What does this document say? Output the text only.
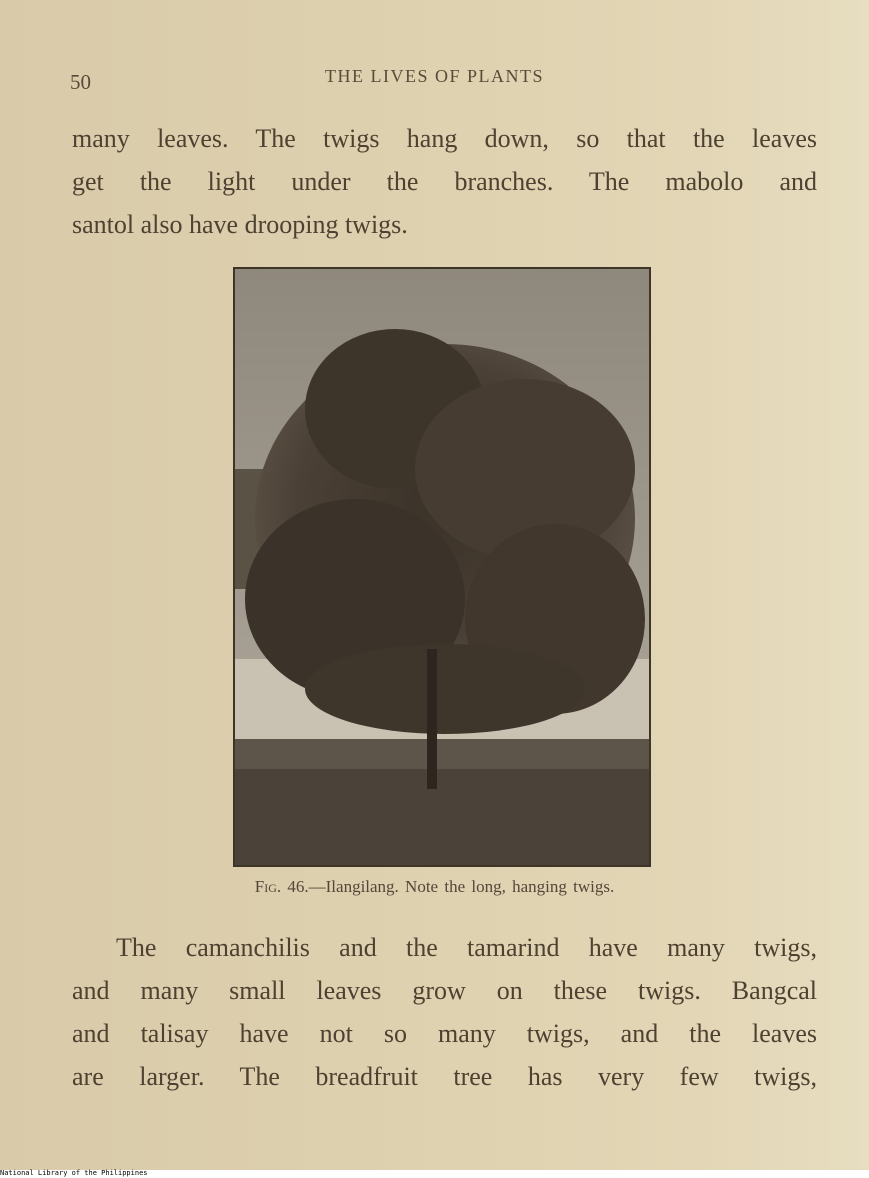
50	THE LIVES OF PLANTS

many leaves. The twigs hang down, so that the leaves
get the light under the branches. The mabolo and
santol also have drooping twigs.

Fig. 46.—Ilangilang. Note the long, hanging twigs.

The camanchilis and the tamarind have many twigs,
and many small leaves grow on these twigs. Bangcal
and talisay have not so many twigs, and the leaves
are larger. The breadfruit tree has very few twigs,

National Library of the Philippines
